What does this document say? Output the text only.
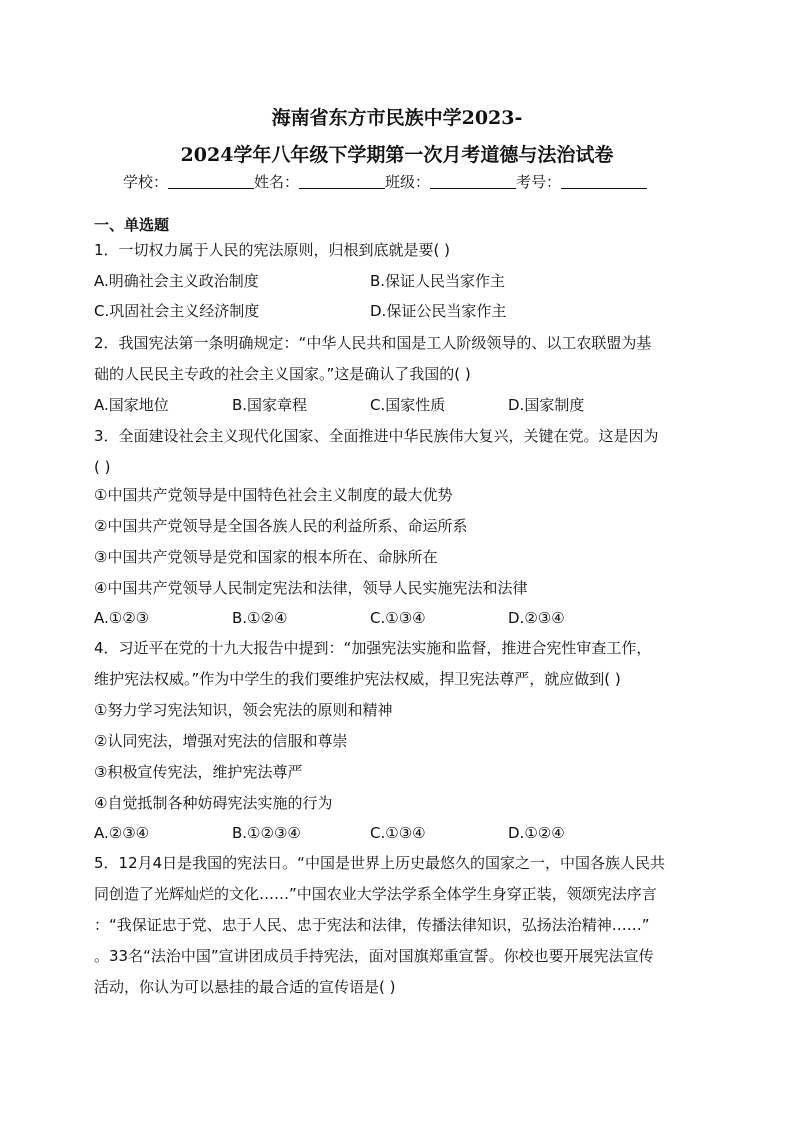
海南省东方市民族中学2023-
2024学年八年级下学期第一次月考道德与法治试卷
学校：	姓名：	班级：	考号：
一、单选题
1．一切权力属于人民的宪法原则，归根到底就是要( )
A.明确社会主义政治制度	B.保证人民当家作主
C.巩固社会主义经济制度	D.保证公民当家作主
2．我国宪法第一条明确规定：“中华人民共和国是工人阶级领导的、以工农联盟为基
础的人民民主专政的社会主义国家。”这是确认了我国的( )
A.国家地位	B.国家章程	C.国家性质	D.国家制度
3．全面建设社会主义现代化国家、全面推进中华民族伟大复兴，关键在党。这是因为
( )
①中国共产党领导是中国特色社会主义制度的最大优势
②中国共产党领导是全国各族人民的利益所系、命运所系
③中国共产党领导是党和国家的根本所在、命脉所在
④中国共产党领导人民制定宪法和法律，领导人民实施宪法和法律
A.①②③	B.①②④	C.①③④	D.②③④
4．习近平在党的十九大报告中提到：“加强宪法实施和监督，推进合宪性审查工作，
维护宪法权威。”作为中学生的我们要维护宪法权威，捍卫宪法尊严，就应做到( )
①努力学习宪法知识，领会宪法的原则和精神
②认同宪法，增强对宪法的信服和尊崇
③积极宣传宪法，维护宪法尊严
④自觉抵制各种妨碍宪法实施的行为
A.②③④	B.①②③④	C.①③④	D.①②④
5．12月4日是我国的宪法日。“中国是世界上历史最悠久的国家之一，中国各族人民共
同创造了光辉灿烂的文化……”中国农业大学法学系全体学生身穿正装，领颂宪法序言
：“我保证忠于党、忠于人民、忠于宪法和法律，传播法律知识，弘扬法治精神……”
。33名“法治中国”宣讲团成员手持宪法，面对国旗郑重宣誓。你校也要开展宪法宣传
活动，你认为可以悬挂的最合适的宣传语是( )
